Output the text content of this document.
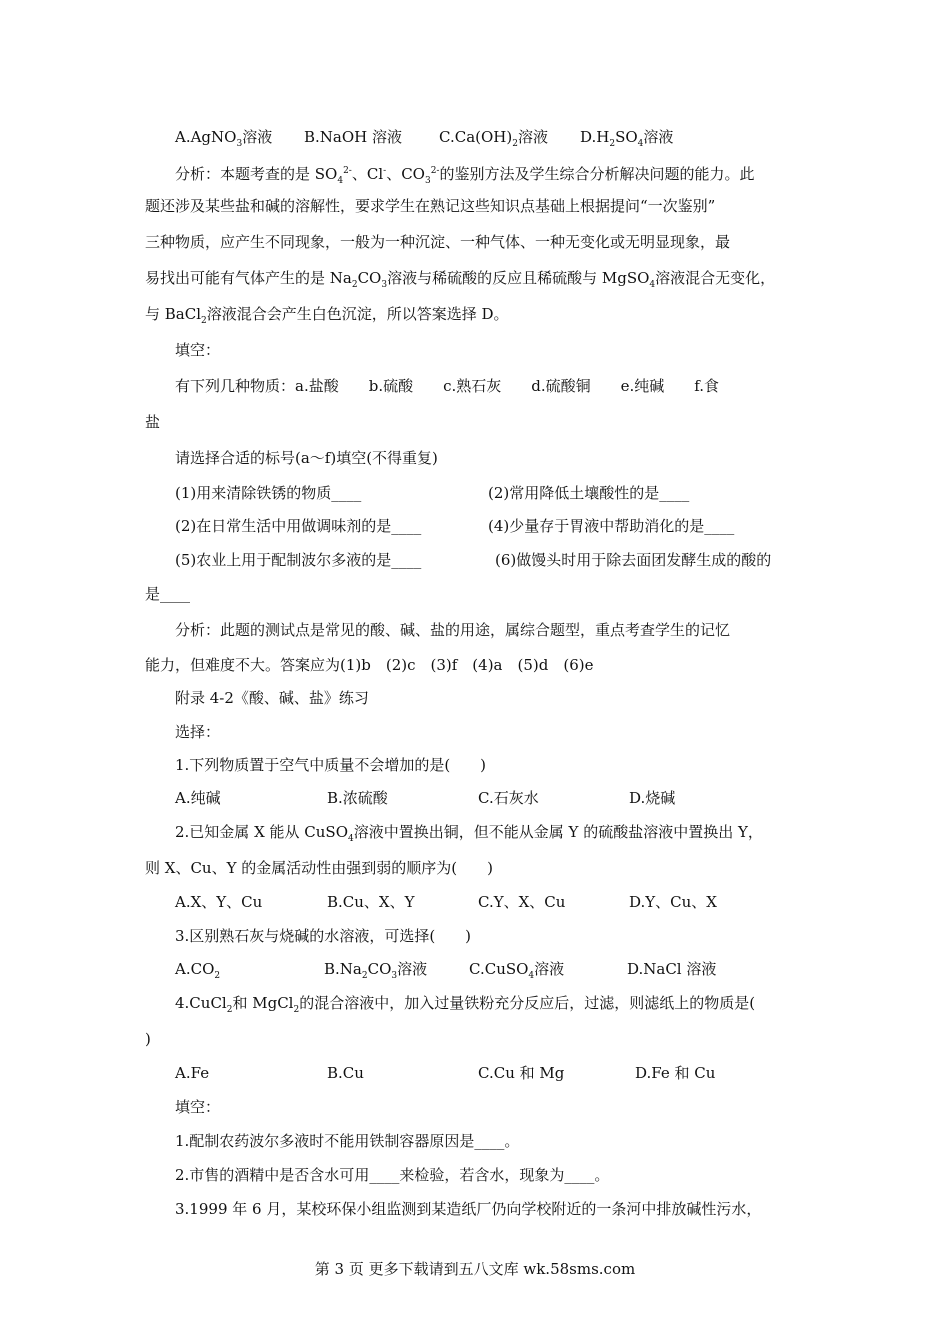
A.AgNO$_3$溶液 B.NaOH 溶液 $C.Ca(OH)_2$溶液 $D.H_2SO_4$溶液
分析：本题考查的是 $SO_4^{2-}$、Cl-、$CO_3^{2-}$的鉴别方法及学生综合分析解决问题的能力。此
题还涉及某些盐和碱的溶解性，要求学生在熟记这些知识点基础上根据提问“一次鉴别”
三种物质，应产生不同现象，一般为一种沉淀、一种气体、一种无变化或无明显现象，最
易找出可能有气体产生的是 $Na_2CO_3$溶液与稀硫酸的反应且稀硫酸与 MgSO$_4$溶液混合无变化，
与 BaCl$_2$溶液混合会产生白色沉淀，所以答案选择 D。
填空：
有下列几种物质：a.盐酸　　b.硫酸　　c.熟石灰　　d.硫酸铜　　e.纯碱　　f.食
盐
请选择合适的标号(a～f)填空(不得重复)
(1)用来清除铁锈的物质____	(2)常用降低土壤酸性的是____
(2)在日常生活中用做调味剂的是____	(4)少量存于胃液中帮助消化的是____
(5)农业上用于配制波尔多液的是____	(6)做馒头时用于除去面团发酵生成的酸的
是____
分析：此题的测试点是常见的酸、碱、盐的用途，属综合题型，重点考查学生的记忆
能力，但难度不大。答案应为(1)b　(2)c　(3)f　(4)a　(5)d　(6)e
附录 4-2《酸、碱、盐》练习
选择：
1.下列物质置于空气中质量不会增加的是(　　)
A.纯碱	B.浓硫酸	C.石灰水	D.烧碱
2.已知金属 X 能从 CuSO$_4$溶液中置换出铜，但不能从金属 Y 的硫酸盐溶液中置换出 Y，
则 X、Cu、Y 的金属活动性由强到弱的顺序为(　　)
A.X、Y、Cu	B.Cu、X、Y	C.Y、X、Cu	D.Y、Cu、X
3.区别熟石灰与烧碱的水溶液，可选择(　　)
$A.CO_2$	$B.Na_2CO_3$溶液	C.CuSO$_4$溶液	D.NaCl 溶液
4.CuCl$_2$和 MgCl$_2$的混合溶液中，加入过量铁粉充分反应后，过滤，则滤纸上的物质是(
)
A.Fe	B.Cu	C.Cu 和 Mg	D.Fe 和 Cu
填空：
1.配制农药波尔多液时不能用铁制容器原因是____。
2.市售的酒精中是否含水可用____来检验，若含水，现象为____。
3.1999 年 6 月，某校环保小组监测到某造纸厂仍向学校附近的一条河中排放碱性污水，
第 3 页 更多下载请到五八文库 wk.58sms.com
